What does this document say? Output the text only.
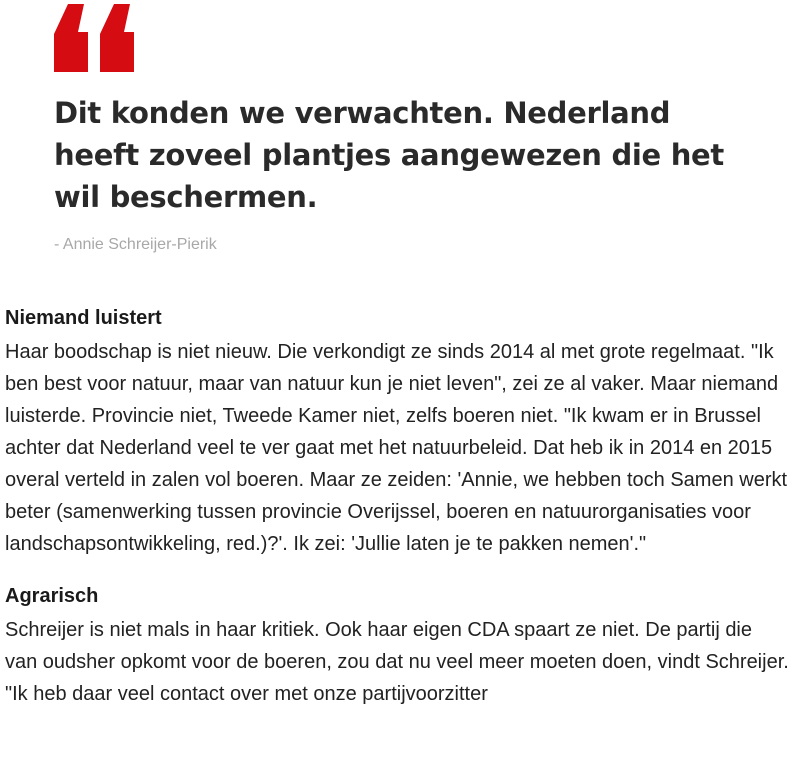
Dit konden we verwachten. Nederland heeft zoveel plantjes aangewezen die het wil beschermen.
- Annie Schreijer-Pierik
Niemand luistert

Haar boodschap is niet nieuw. Die verkondigt ze sinds 2014 al met grote regelmaat. "Ik ben best voor natuur, maar van natuur kun je niet leven", zei ze al vaker. Maar niemand luisterde. Provincie niet, Tweede Kamer niet, zelfs boeren niet. "Ik kwam er in Brussel achter dat Nederland veel te ver gaat met het natuurbeleid. Dat heb ik in 2014 en 2015 overal verteld in zalen vol boeren. Maar ze zeiden: 'Annie, we hebben toch Samen werkt beter (samenwerking tussen provincie Overijssel, boeren en natuurorganisaties voor landschapsontwikkeling, red.)?'. Ik zei: 'Jullie laten je te pakken nemen'."

Agrarisch

Schreijer is niet mals in haar kritiek. Ook haar eigen CDA spaart ze niet. De partij die van oudsher opkomt voor de boeren, zou dat nu veel meer moeten doen, vindt Schreijer. "Ik heb daar veel contact over met onze partijvoorzitter
